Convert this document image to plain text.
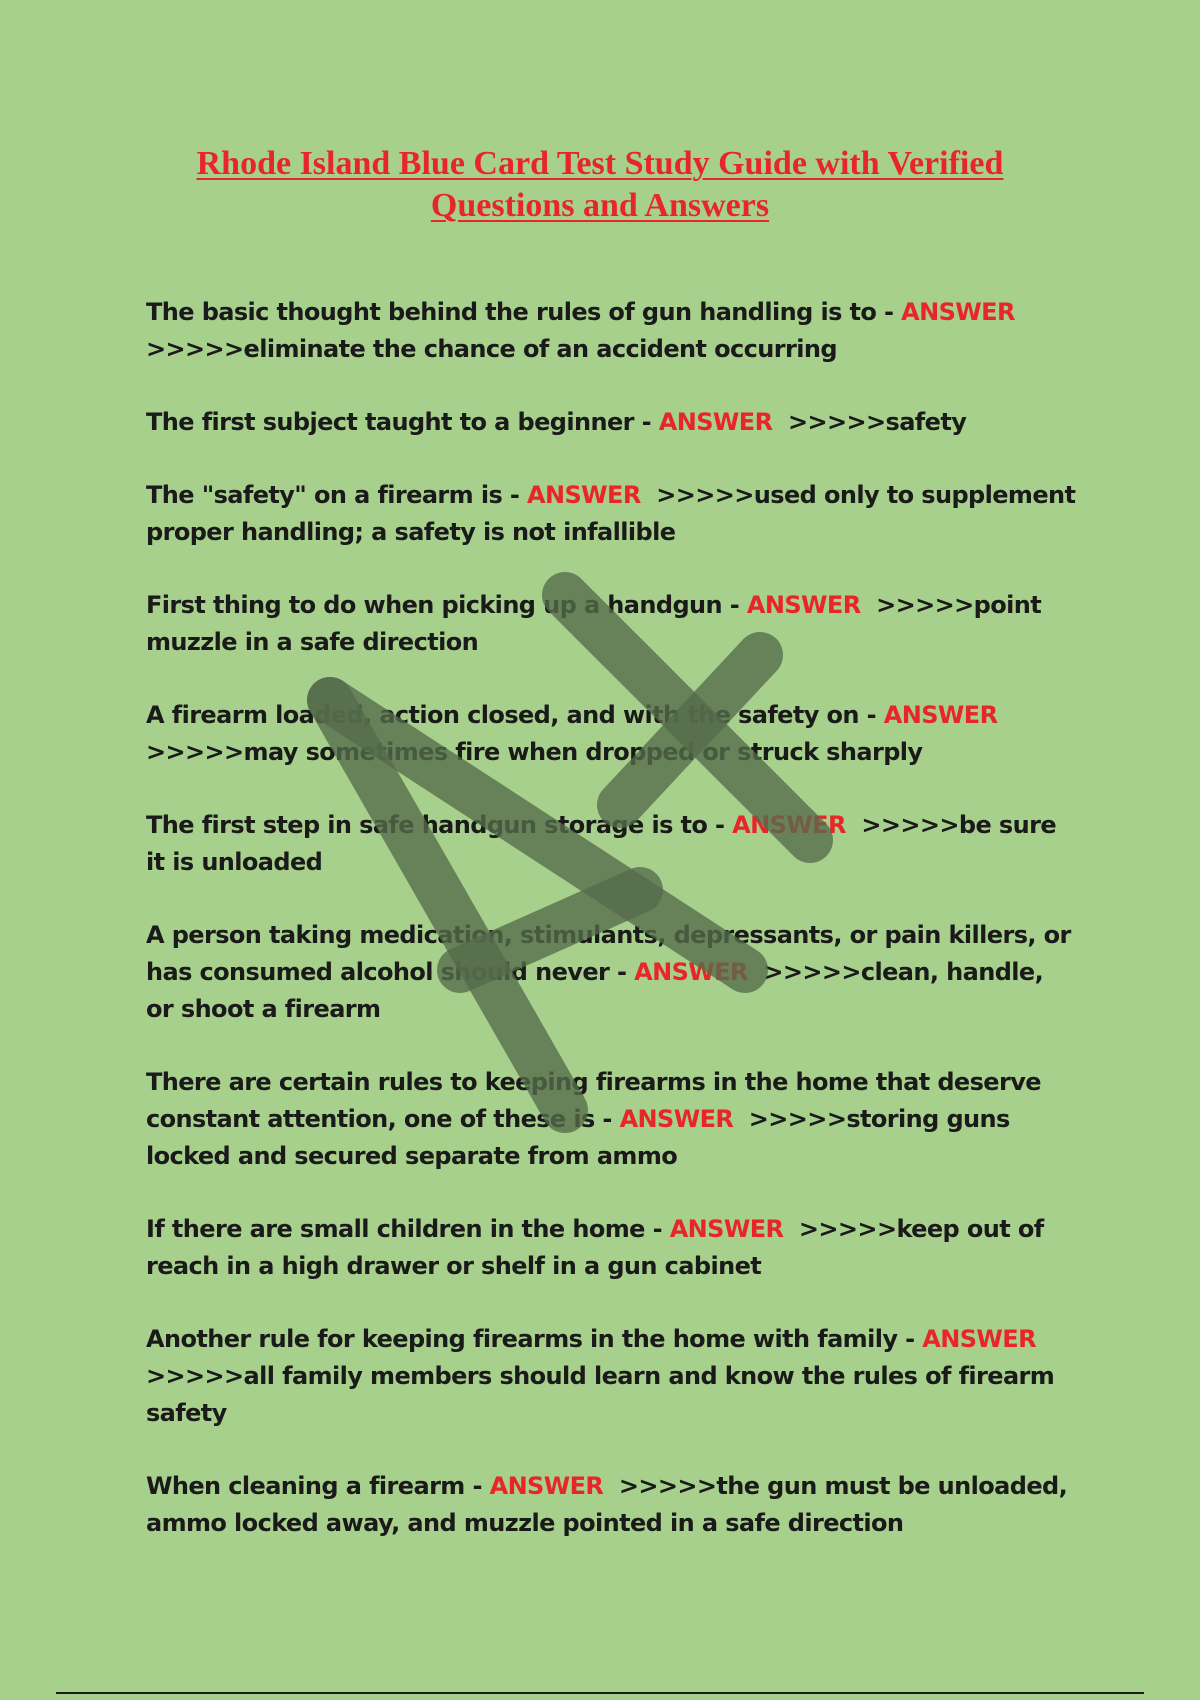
Rhode Island Blue Card Test Study Guide with Verified Questions and Answers

The basic thought behind the rules of gun handling is to - ANSWER  >>>>>eliminate the chance of an accident occurring

The first subject taught to a beginner - ANSWER >>>>>safety

The "safety" on a firearm is - ANSWER >>>>>used only to supplement proper handling; a safety is not infallible

First thing to do when picking up a handgun - ANSWER >>>>>point muzzle in a safe direction

A firearm loaded, action closed, and with the safety on - ANSWER  >>>>>may sometimes fire when dropped or struck sharply

The first step in safe handgun storage is to - ANSWER >>>>>be sure it is unloaded

A person taking medication, stimulants, depressants, or pain killers, or has consumed alcohol should never - ANSWER >>>>>clean, handle, or shoot a firearm

There are certain rules to keeping firearms in the home that deserve constant attention, one of these is - ANSWER >>>>>storing guns locked and secured separate from ammo

If there are small children in the home - ANSWER >>>>>keep out of reach in a high drawer or shelf in a gun cabinet

Another rule for keeping firearms in the home with family - ANSWER  >>>>>all family members should learn and know the rules of firearm safety

When cleaning a firearm - ANSWER >>>>>the gun must be unloaded, ammo locked away, and muzzle pointed in a safe direction
